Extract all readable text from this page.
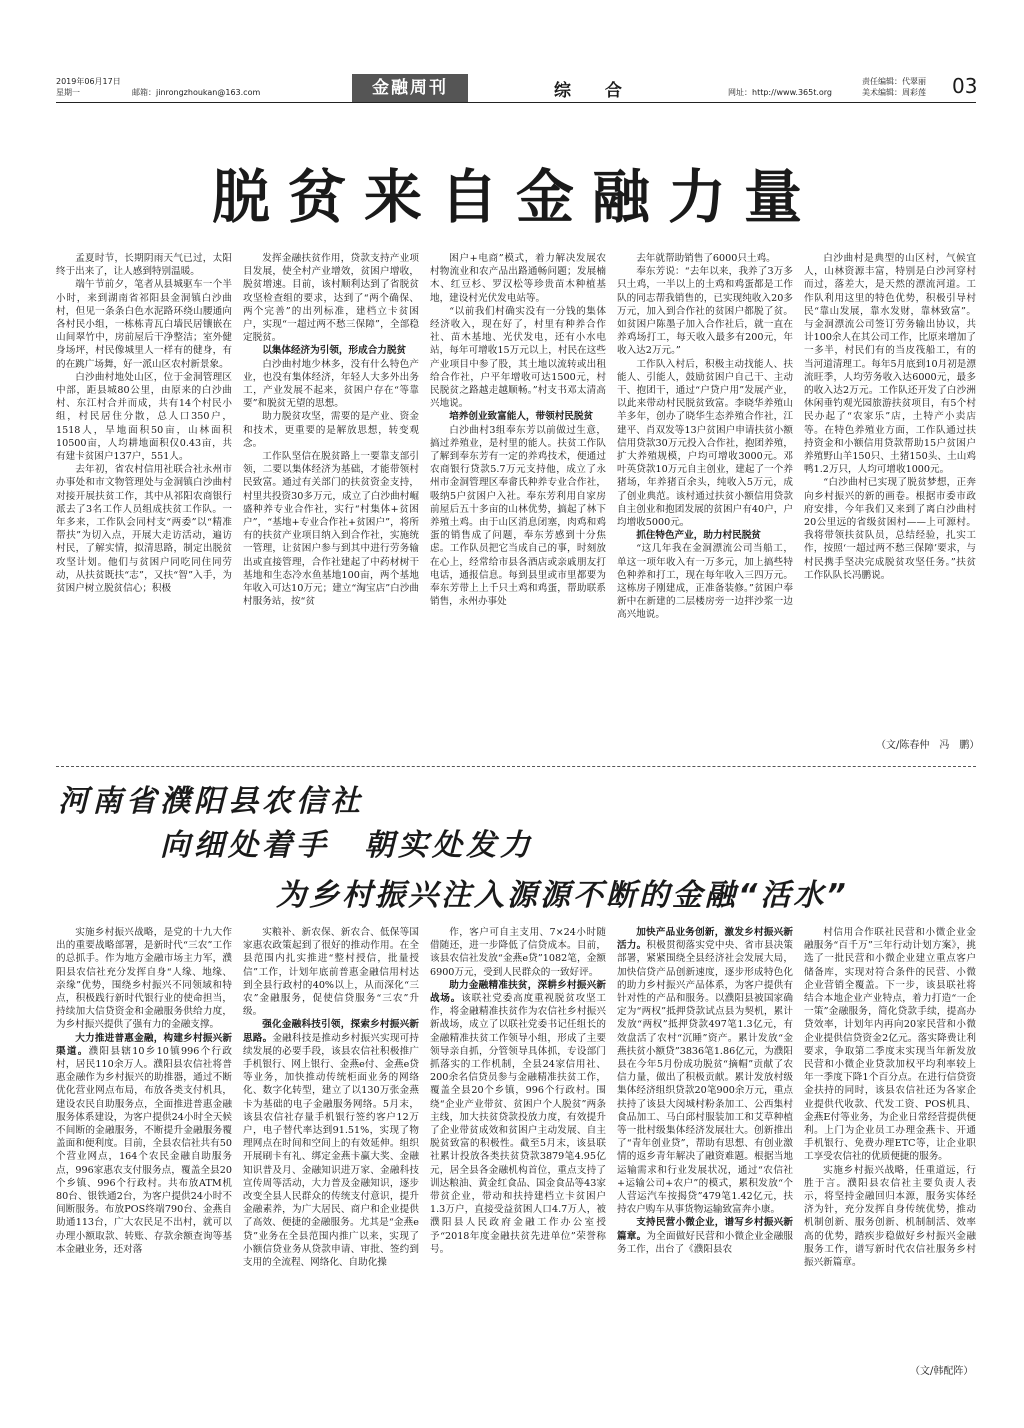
2019年06月17日
星期一	邮箱：jinrongzhoukan@163.com	金融周刊	综 合	网址：http://www.365t.org
责任编辑：代翠丽
美术编辑：周彩莲 03
脱贫来自金融力量

孟夏时节，长期阴雨天气已过，太阳终于出来了，让人感到特别温暖。

端午节前夕，笔者从县城驱车一个半小时，来到湖南省祁阳县金洞镇白沙曲村，但见一条条白色水泥路环绕山腰通向各村民小组，一栋栋青瓦白墙民居镶嵌在山间翠竹中，房前屋后干净整洁；室外健身场坪，村民像城里人一样有的健身，有的在跳广场舞，好一派山区农村新景象。

白沙曲村地处山区，位于金洞管理区中部，距县城80公里，由原来的白沙曲村、东江村合并而成，共有14个村民小组，村民居住分散，总人口350户，1518人，旱地面积50亩，山林面积10500亩，人均耕地面积仅0.43亩，共有建卡贫困户137户，551人。

去年初，省农村信用社联合社永州市办事处和市文物管理处与金洞镇白沙曲村对接开展扶贫工作，其中从祁阳农商银行派去了3名工作人员组成扶贫工作队。一年多来，工作队会同村支“两委”以“精准帮扶”为切入点，开展大走访活动，遍访村民，了解实情，拟清思路，制定出脱贫攻坚计划。他们与贫困户同吃同住同劳动，从扶贫既扶“志”，又扶“智”入手，为贫困户树立脱贫信心；积极

发挥金融扶贫作用，贷款支持产业项目发展，使全村产业增效，贫困户增收，脱贫增速。目前，该村顺利达到了省脱贫攻坚检查组的要求，达到了“两个确保、两个完善”的出列标准，建档立卡贫困户，实现“一超过两不愁三保障”，全部稳定脱贫。

以集体经济为引领，形成合力脱贫

白沙曲村地少林多，没有什么特色产业，也没有集体经济，年轻人大多外出务工，产业发展不起来，贫困户存在“等靠要”和脱贫无望的思想。

助力脱贫攻坚，需要的是产业、资金和技术，更重要的是解放思想，转变观念。

工作队坚信在脱贫路上一要靠支部引领，二要以集体经济为基础，才能带领村民致富。通过有关部门的扶贫资金支持，村里共投资30多万元，成立了白沙曲村崛盛种养专业合作社，实行“村集体+贫困户”，“基地+专业合作社+贫困户”，将所有的扶贫产业项目纳入到合作社，实施统一管理，让贫困户参与到其中进行劳务输出或直接管理，合作社建起了中药材树干基地和生态冷水鱼基地100亩，两个基地年收入可达10万元；建立“淘宝店”白沙曲村服务站，按“贫

困户+电商”模式，着力解决发展农村物流业和农产品出路通畅问题；发展楠木、红豆杉、罗汉松等珍贵苗木种植基地，建设村光伏发电站等。

“以前我们村确实没有一分钱的集体经济收入，现在好了，村里有种养合作社、苗木基地、光伏发电，还有小水电站，每年可增收15万元以上，村民在这些产业项目中参了股，其土地以流转或出租给合作社，户平年增收可达1500元，村民脱贫之路越走越顺畅。”村支书邓太清高兴地说。

培养创业致富能人，带领村民脱贫

白沙曲村3组奉东芳以前做过生意，搞过养殖业，是村里的能人。扶贫工作队了解到奉东芳有一定的养鸡技术，便通过农商银行贷款5.7万元支持他，成立了永州市金洞管理区奉畲氏种养专业合作社，吸纳5户贫困户入社。奉东芳利用自家房前屋后五十多亩的山林优势，搞起了林下养殖土鸡。由于山区消息闭塞，肉鸡和鸡蛋的销售成了问题，奉东芳感到十分焦虑。工作队员把它当成自己的事，时刻放在心上，经常给市县各酒店或亲戚朋友打电话，通报信息。每到县里或市里都要为奉东芳带上上千只土鸡和鸡蛋，帮助联系销售，永州办事处

去年就帮助销售了6000只土鸡。

奉东芳说：“去年以来，我养了3万多只土鸡，一半以上的土鸡和鸡蛋都是工作队的同志帮我销售的，已实现纯收入20多万元，加入到合作社的贫困户都脱了贫。如贫困户陈墨子加入合作社后，就一直在养鸡场打工，每天收入最多有200元，年收入达2万元。”

工作队入村后，积极主动找能人、扶能人、引能人，鼓励贫困户自己干、主动干、抱团干，通过“户贷户用”发展产业，以此来带动村民脱贫致富。李晓华养殖山羊多年，创办了晓华生态养殖合作社，江建平、肖双发等13户贫困户申请扶贫小额信用贷款30万元投入合作社，抱团养殖，扩大养殖规模，户均可增收3000元。邓叶英贷款10万元自主创业，建起了一个养猪场，年养猪百余头，纯收入5万元，成了创业典范。该村通过扶贫小额信用贷款自主创业和抱团发展的贫困户有40户，户均增收5000元。

抓住特色产业，助力村民脱贫

“这几年我在金洞漂流公司当船工，单这一项年收入有一万多元，加上搞些特色种养和打工，现在每年收入三四万元。这栋房子刚建成，正准备装修。”贫困户奉新中在新建的二层楼房旁一边拌沙浆一边高兴地说。

白沙曲村是典型的山区村，气候宜人，山林资源丰富，特别是白沙河穿村而过，落差大，是天然的漂流河道。工作队利用这里的特色优势，积极引导村民“靠山发展，靠水发财，靠林致富”。与金洞漂流公司签订劳务输出协议，共计100余人在其公司工作，比原来增加了一多半，村民们有的当皮筏船工，有的当河道清理工。每年5月底到10月初是漂流旺季，人均劳务收入达6000元，最多的收入达2万元。工作队还开发了白沙洲休闲垂钓观光园旅游扶贫项目，有5个村民办起了“农家乐”店，土特产小卖店等。在特色养殖业方面，工作队通过扶持资金和小额信用贷款帮助15户贫困户养殖野山羊150只、土猪150头、土山鸡鸭1.2万只，人均可增收1000元。

“白沙曲村已实现了脱贫梦想，正奔向乡村振兴的新的画卷。根据市委市政府安排，今年我们又来到了离白沙曲村20公里远的省级贫困村——上可源村。我将带领扶贫队员，总结经验，扎实工作，按照‘一超过两不愁三保障’要求，与村民携手坚决完成脱贫攻坚任务。”扶贫工作队队长冯鹏说。

（文/陈春仲　冯　鹏）
河南省濮阳县农信社
向细处着手　朝实处发力
为乡村振兴注入源源不断的金融“活水”

实施乡村振兴战略，是党的十九大作出的重要战略部署，是新时代“三农”工作的总抓手。作为地方金融市场主力军，濮阳县农信社充分发挥自身“人缘、地缘、亲缘”优势，围绕乡村振兴不同领域和特点，积极践行新时代银行业的使命担当，持续加大信贷资金和金融服务供给力度，为乡村振兴提供了强有力的金融支撑。

大力推进普惠金融，构建乡村振兴新渠道。濮阳县辖10乡10镇996个行政村，居民110余万人。濮阳县农信社将普惠金融作为乡村振兴的助推器，通过不断优化营业网点布局，布放各类支付机具，建设农民自助服务点，全面推进普惠金融服务体系建设，为客户提供24小时全天候不间断的金融服务，不断提升金融服务覆盖面和便利度。目前，全县农信社共有50个营业网点，164个农民金融自助服务点，996家惠农支付服务点，覆盖全县20个乡镇、996个行政村。共布放ATM机80台、银铁通2台，为客户提供24小时不间断服务。布放POS终端790台、金燕自助通113台，广大农民足不出村，就可以办理小额取款、转账、存款余额查询等基本金融业务，还对落

实粮补、新农保、新农合、低保等国家惠农政策起到了很好的推动作用。在全县范围内扎实推进“整村授信，批量授信”工作，计划年底前普惠金融信用村达到全县行政村的40%以上，从而深化“三农”金融服务，促使信贷服务“三农”升级。

强化金融科技引领，探索乡村振兴新思路。金融科技是推动乡村振兴实现可持续发展的必要手段，该县农信社积极推广手机银行、网上银行、金燕e付、金燕e贷等业务，加快推动传统柜面业务的网络化、数字化转型，建立了以130万张金燕卡为基础的电子金融服务网络。5月末，该县农信社存量手机银行签约客户12万户，电子替代率达到91.51%，实现了物理网点在时间和空间上的有效延伸。组织开展刷卡有礼、绑定金燕卡赢大奖、金融知识普及月、金融知识进万家、金融科技宣传周等活动，大力普及金融知识，逐步改变全县人民群众的传统支付意识，提升金融素养，为广大居民、商户和企业提供了高效、便捷的金融服务。尤其是“金燕e贷”业务在全县范围内推广以来，实现了小额信贷业务从贷款申请、审批、签约到支用的全流程、网络化、自助化操

作，客户可自主支用、7×24小时随借随还，进一步降低了信贷成本。目前，该县农信社发放“金燕e贷”1082笔，金额6900万元，受到人民群众的一致好评。

助力金融精准扶贫，深耕乡村振兴新战场。该联社党委高度重视脱贫攻坚工作，将金融精准扶贫作为农信社乡村振兴新战场，成立了以联社党委书记任组长的金融精准扶贫工作领导小组，形成了主要领导亲自抓，分管领导具体抓，专设部门抓落实的工作机制，全县24家信用社、200余名信贷员参与金融精准扶贫工作，覆盖全县20个乡镇，996个行政村。围绕“企业产业带贫、贫困户个人脱贫”两条主线，加大扶贫贷款投放力度，有效提升了企业带贫成效和贫困户主动发展、自主脱贫致富的积极性。截至5月末，该县联社累计投放各类扶贫贷款3879笔4.95亿元，居全县各金融机构首位，重点支持了训达粮油、黄金红食品、国金食品等43家带贫企业，带动和扶持建档立卡贫困户1.3万户，直接受益贫困人口4.7万人，被濮阳县人民政府金融工作办公室授予“2018年度金融扶贫先进单位”荣誉称号。

加快产品业务创新，激发乡村振兴新活力。积极贯彻落实党中央、省市县决策部署，紧紧围绕全县经济社会发展大局，加快信贷产品创新速度，逐步形成特色化的助力乡村振兴产品体系，为客户提供有针对性的产品和服务。以濮阳县被国家确定为“两权”抵押贷款试点县为契机，累计发放“两权”抵押贷款497笔1.3亿元，有效盘活了农村“沉睡”资产。累计发放“金燕扶贫小额贷”3836笔1.86亿元，为濮阳县在今年5月份成功脱贫“摘帽”贡献了农信力量，做出了积极贡献。累计发放村级集体经济组织贷款20笔900余万元，重点扶持了该县大闵城村粉条加工、公西集村食品加工、马白邱村服装加工和艾草种植等一批村级集体经济发展壮大。创新推出了“青年创业贷”，帮助有思想、有创业激情的返乡青年解决了融资难题。根据当地运输需求和行业发展状况，通过“农信社+运输公司+农户”的模式，累积发放“个人营运汽车按揭贷”479笔1.42亿元，扶持农户购车从事货物运输致富奔小康。

支持民营小微企业，谱写乡村振兴新篇章。为全面做好民营和小微企业金融服务工作，出台了《濮阳县农

村信用合作联社民营和小微企业金融服务“百千万”三年行动计划方案》，挑选了一批民营和小微企业建立重点客户储备库，实现对符合条件的民营、小微企业营销全覆盖。下一步，该县联社将结合本地企业产业特点，着力打造“一企一策”金融服务，简化贷款手续，提高办贷效率，计划年内再向20家民营和小微企业提供信贷资金2亿元。落实降费让利要求，争取第二季度末实现当年新发放民营和小微企业贷款加权平均利率较上年一季度下降1个百分点。在进行信贷资金扶持的同时，该县农信社还为各家企业提供代收款、代发工资、POS机具、金燕E付等业务，为企业日常经营提供便利。上门为企业员工办理金燕卡、开通手机银行、免费办理ETC等，让企业职工享受农信社的优质便捷的服务。

实施乡村振兴战略，任重道远，行胜于言。濮阳县农信社主要负责人表示，将坚持金融回归本源，服务实体经济为针，充分发挥自身传统优势，推动机制创新、服务创新、机制制活、效率高的优势，踏疾步稳做好乡村振兴金融服务工作，谱写新时代农信社服务乡村振兴新篇章。

（文/韩配阵）
